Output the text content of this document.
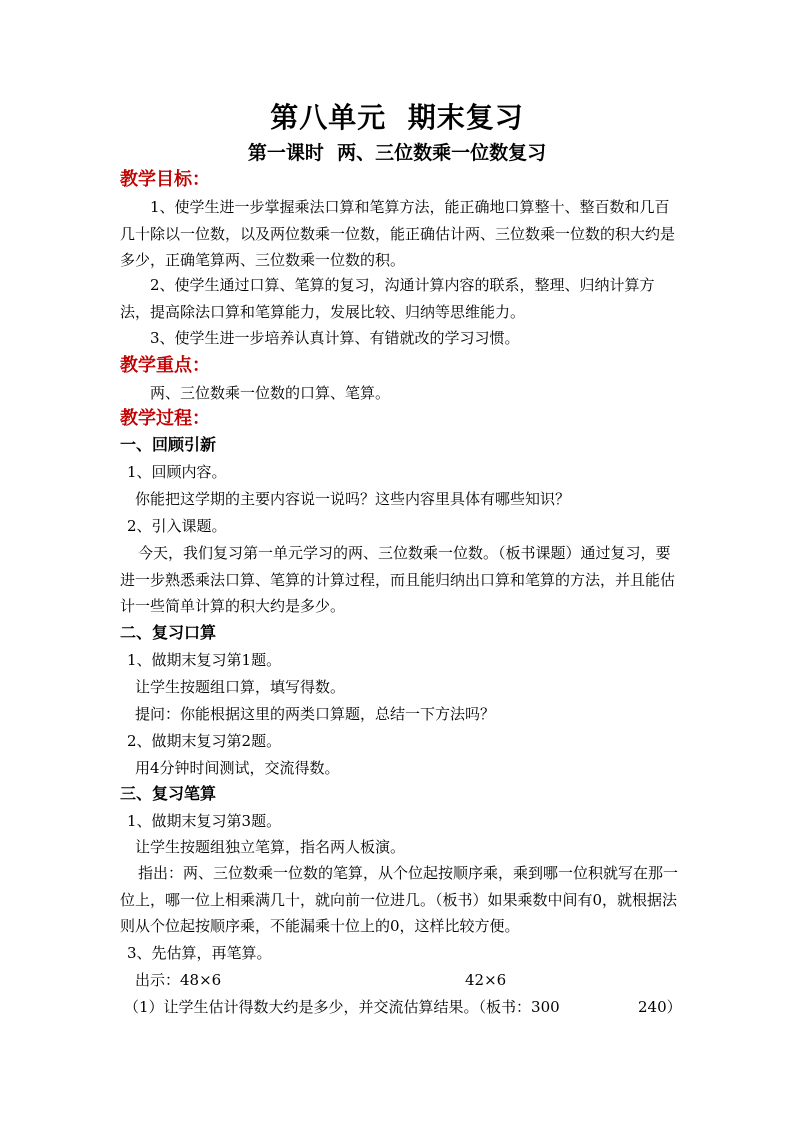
第八单元  期末复习
第一课时  两、三位数乘一位数复习
教学目标：
1、使学生进一步掌握乘法口算和笔算方法，能正确地口算整十、整百数和几百几十除以一位数，以及两位数乘一位数，能正确估计两、三位数乘一位数的积大约是多少，正确笔算两、三位数乘一位数的积。
2、使学生通过口算、笔算的复习，沟通计算内容的联系，整理、归纳计算方法，提高除法口算和笔算能力，发展比较、归纳等思维能力。
3、使学生进一步培养认真计算、有错就改的学习习惯。
教学重点：
两、三位数乘一位数的口算、笔算。
教学过程：
一、回顾引新
1、回顾内容。
你能把这学期的主要内容说一说吗？这些内容里具体有哪些知识？
2、引入课题。
今天，我们复习第一单元学习的两、三位数乘一位数。（板书课题）通过复习，要进一步熟悉乘法口算、笔算的计算过程，而且能归纳出口算和笔算的方法，并且能估计一些简单计算的积大约是多少。
二、复习口算
1、做期末复习第1题。
让学生按题组口算，填写得数。
提问：你能根据这里的两类口算题，总结一下方法吗？
2、做期末复习第2题。
用4分钟时间测试，交流得数。
三、复习笔算
1、做期末复习第3题。
让学生按题组独立笔算，指名两人板演。
指出：两、三位数乘一位数的笔算，从个位起按顺序乘，乘到哪一位积就写在那一位上，哪一位上相乘满几十，就向前一位进几。（板书）如果乘数中间有0，就根据法则从个位起按顺序乘，不能漏乘十位上的0，这样比较方便。
3、先估算，再笔算。
出示：48×6	42×6
（1）让学生估计得数大约是多少，并交流估算结果。（板书：300	240）
